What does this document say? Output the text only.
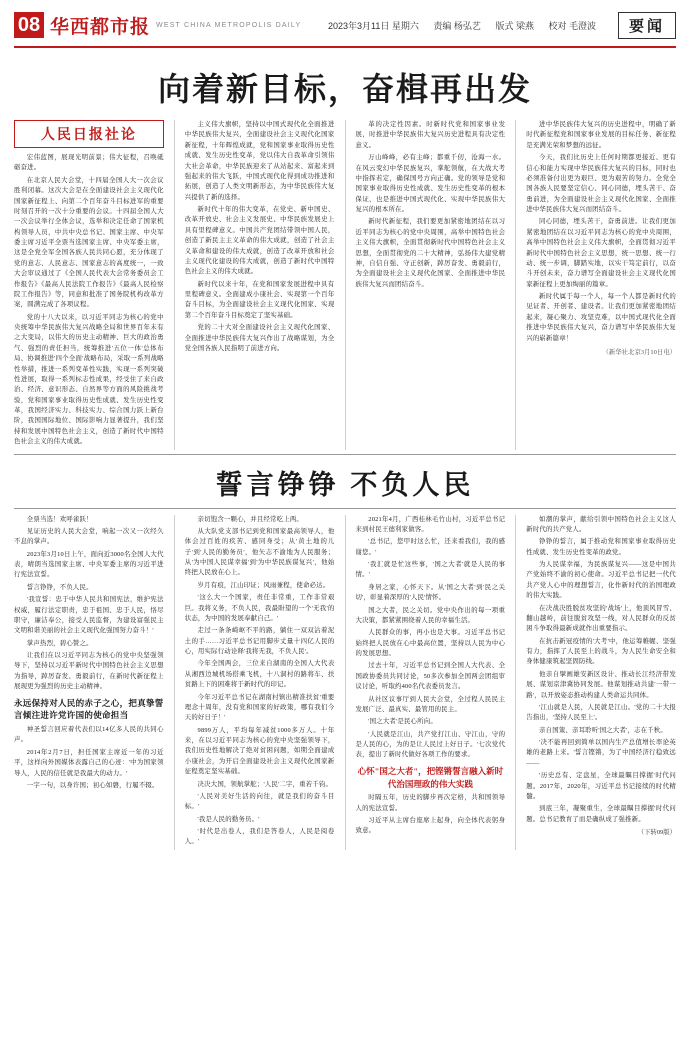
08 华西都市报 WEST CHINA METROPOLIS DAILY	2023年3月11日 星期六 责编 杨弘艺 版式 梁燕 校对 毛澄波	要闻
向着新目标，奋楫再出发
人民日报社论

宏伟蓝图，展现光明前景；伟大征程，召唤砥砺奋进。

在北京人民大会堂，十四届全国人大一次会议胜利闭幕。这次大会是在全面建设社会主义现代化国家新征程上、向第二个百年奋斗目标进军的重要时刻召开的一次十分重要的会议。十四届全国人大一次会议举行全体会议，选举和决定任命了国家机构领导人员，中共中央总书记、国家主席、中央军委主席习近平全票当选国家主席、中央军委主席，这是全党全军全国各族人民共同心愿，充分体现了党的意志、人民意志、国家意志的高度统一，一致大会审议通过了《全国人民代表大会常务委员会工作报告》《最高人民法院工作报告》《最高人民检察院工作报告》等，同意和批准了国务院机构改革方案，圆满完成了各项议程。

党的十八大以来，以习近平同志为核心的党中央统筹中华民族伟大复兴战略全局和世界百年未有之大变局，以伟大的历史主动精神、巨大的政治勇气、强烈的责任担当，统筹推进'五位一体'总体布局、协调推进'四个全面'战略布局，采取一系列战略性举措，推进一系列变革性实践，实现一系列突破性进展，取得一系列标志性成果，经受住了来自政治、经济、意识形态、自然界等方面的风险挑战考验，党和国家事业取得历史性成就、发生历史性变革，我国经济实力、科技实力、综合国力跃上新台阶，我国国际地位、国际影响力显著提升，我们坚持和发展中国特色社会主义，创造了新时代中国特色社会主义的伟大成就。

主义伟大旗帜，坚持以中国式现代化全面推进中华民族伟大复兴，全面建设社会主义现代化国家新征程，十年辉煌成就，党和国家事业取得历史性成就、发生历史性变革，党以伟大自我革命引领伟大社会革命，中华民族迎来了从站起来、富起来到强起来的伟大飞跃，中国式现代化得到成功推进和拓展，创造了人类文明新形态，为中华民族伟大复兴提供了新的选择。

新时代十年的伟大变革，在党史、新中国史、改革开放史、社会主义发展史、中华民族发展史上具有里程碑意义。中国共产党团结带领中国人民，创造了新民主主义革命的伟大成就，创造了社会主义革命和建设的伟大成就，创造了改革开放和社会主义现代化建设的伟大成就，创造了新时代中国特色社会主义的伟大成就。

新时代以来十年，在党和国家发展进程中具有里程碑意义。全面建成小康社会、实现第一个百年奋斗目标，为全面建设社会主义现代化国家、实现第二个百年奋斗目标奠定了坚实基础。

党的二十大对全面建设社会主义现代化国家、全面推进中华民族伟大复兴作出了战略谋划，为全党全国各族人民指明了前进方向。

革的决定性因素。时新时代党和国家事业发展，时推进中华民族伟大复兴历史进程具有决定性意义。

万山峰峰，必有主峰；都重千仞，沧海一水。在风云变幻中华民族复兴，掌舵领航，在大战大考中指挥若定，确保国号方向正确。党的领导是党和国家事业取得历史性成就、发生历史性变革的根本保证，也是推进中国式现代化、实现中华民族伟大复兴的根本所在。

新时代新征程，我们要更加紧密地团结在以习近平同志为核心的党中央周围，高举中国特色社会主义伟大旗帜，全面贯彻新时代中国特色社会主义思想，全面贯彻党的二十大精神，弘扬伟大建党精神，自信自强、守正创新，踔厉奋发、勇毅前行，为全面建设社会主义现代化国家、全面推进中华民族伟大复兴而团结奋斗。

进中华民族伟大复兴的历史进程中，明确了新时代新征程党和国家事业发展的目标任务、新征程是充满光荣和梦想的远征。

今天，我们比历史上任何时期都更接近、更有信心和能力实现中华民族伟大复兴的目标，同时也必须准备付出更为艰巨、更为艰苦的努力。全党全国各族人民要坚定信心、同心同德，埋头苦干、奋勇前进，为全面建设社会主义现代化国家、全面推进中华民族伟大复兴而团结奋斗。

同心同德，埋头苦干，奋勇前进。让我们更加紧密地团结在以习近平同志为核心的党中央周围，高举中国特色社会主义伟大旗帜，全面贯彻习近平新时代中国特色社会主义思想，统一思想、统一行动、统一步调，脚踏实地，以实干笃定前行，以奋斗开创未来，奋力谱写全面建设社会主义现代化国家新征程上更加绚丽的篇章。

新时代属于每一个人，每一个人都是新时代的见证者、开创者、建设者。让我们更加紧密地团结起来，凝心聚力、攻坚克难，以中国式现代化全面推进中华民族伟大复兴，奋力谱写中华民族伟大复兴的崭新篇章！

（新华社北京3月10日电）
誓言铮铮 不负人民

全票当选！欢呼雀跃！

见证历史的人民大会堂，响起一次又一次经久不息的掌声。

2023年3月10日上午，面向近3000名全国人大代表，晴朗当选国家主席、中央军委主席的习近平进行宪法宣誓。

誓言铮铮，不负人民。

'我宣誓：忠于中华人民共和国宪法，维护宪法权威，履行法定职责，忠于祖国、忠于人民，恪尽职守，廉洁奉公，接受人民监督，为建设富强民主文明和谐美丽的社会主义现代化强国努力奋斗！'

掌声热烈，碧心赞之。

让我们在以习近平同志为核心的党中央坚强领导下，坚持以习近平新时代中国特色社会主义思想为指导，踔厉奋发、勇毅前行，在新时代新征程上展现更为强烈的历史主动精神。

永远保持对人民的赤子之心，把真挚誓言倾注进许党许国的使命担当

神圣誓言回应着代表们以14亿多人民的共同心声。

2014年2月7日，担任国家主席近一年的习近平，这样向外国媒体表露自己的心迹：'中为国家领导人，人民的信任就是我最大的动力。'

一字一句，以身许国；初心如磐，行履不辍。

亲切饱含一颗心，并且经常吃上两。

从大队党支部书记到党和国家最高领导人，他体会过百姓的疾苦、感同身受；从'黄土地的儿子'到'人民的勤务员'，他矢志不渝地为人民服务；从'为中国人民谋幸福'到'为中华民族谋复兴'，他始终把人民放在心上。

岁月有痕，江山印证；风雨兼程，使命必达。

'这么大一个国家，责任非常重，工作非常艰巨。我将义务，不负人民，我最盼望的一个'无我'的状态，为中国的发展奉献自己。'

走过一条条崎岖不平的路，躺住一双双沾着泥土的手……习近平总书记用脚步丈量十四亿人民的心，用实际行动诠释'我将无我，不负人民'。

今年全国两会，三位来自湖南的全国人大代表从湘西边城机场搭乘飞机，十八洞村的路将车、扶贫路上下的困难将于新时代的印记。

今年习近平总书记在湖南村镇出精准扶贫'重要理念十周年，没有党和国家的好政策，哪有我们今天的好日子！'

9899万人，平均每年减贫1000多万人。十年来，在以习近平同志为核心的党中央坚强领导下，我们历史性地解决了绝对贫困问题，如期全面建成小康社会，为开启全面建设社会主义现代化国家新征程奠定坚实基础。

决决大国，领航掌舵；'人民'二字，重若千钧。

'人民对美好生活的向往，就是我们的奋斗目标。'

'我是人民的勤务员。'

'时代是出卷人，我们是答卷人，人民是阅卷人。'

2021年4月，广西桂林毛竹山村，习近平总书记来到村民王德利家做客。

'总书记，您甲时这么忙，还来看我们，我的感谢您。'

'我汇就是忙这些事，'国之大者'就是人民的事情。'

身居之家，心怀天下。从'国之大者'到'民之关切'，彰显着深厚的'人民'情怀。

国之大者，民之关切。党中央作出的每一项重大决策，都紧紧围绕着人民的幸福生活。

人民群众的事，再小也是大事。习近平总书记始终把人民放在心中最高位置，坚持以人民为中心的发展思想。

过去十年，习近平总书记到全国人大代表、全国政协委员共同讨论，50多次参加全国两会团组审议讨论，听取约400名代表委员发言。

从社区议事厅到人民大会堂，全过程人民民主发展广泛、最真实、最管用的民主。

'国之大者'是民心所向。

'人民就是江山，共产党打江山、守江山，守的是人民的心，为的是让人民过上好日子。'七次党代表，提出了新时代做好各项工作的要求。

心怀"国之大者"，把铿锵誓言融入新时代治国理政的伟大实践

时隔五年，历史的脚步再次定格，共和国领导人的宪法宣誓。

习近平从主席台座席上起身，向全体代表躬身致意。

如潮的掌声，献给引领中国特色社会主义这人新时代的共产党人。

铮铮的誓言，属于推动党和国家事业取得历史性成就、发生历史性变革的政党。

为人民谋幸福，为民族谋复兴——这是中国共产党始终不渝的初心使命。习近平总书记把一代代共产党人心中的理想誓言，化作新时代的治国理政的伟大实践。

在决战决胜脱贫攻坚的'战场'上，他顶风冒雪、翻山越岭，前往脱贫攻坚一线，对人民群众的反贫困斗争取得最新成就作出重要指示。

在抗击新冠疫情的'大考'中，他运筹帷幄、坚强有力，指挥了人民至上的战斗，为人民生命安全和身体健康筑起坚固防线。

他亲自擘画雄安新区设计、推动长江经济带发展、谋划京津冀协同发展。他谋划推动共建'一带一路'，以开放姿态推动构建人类命运共同体。

'江山就是人民，人民就是江山。'党的二十大报告指出，'坚持人民至上'。

亲自国策、亲耳聆听'国之大者'，志在千秋。

'决不能再回到简单以国内生产总值增长率论英雄的老路上来。'誓言铿锵，为了中国经济行稳致远——

'历史总有、定盘星，全球最瞩目撑握'时代问题。2017年，2020年，习近平总书记接续的时代精髓。

到底三年，凝聚重生，全球最瞩目撑握'时代问题。总书记教育了而是确纵成了强推新。

（下转09版）
